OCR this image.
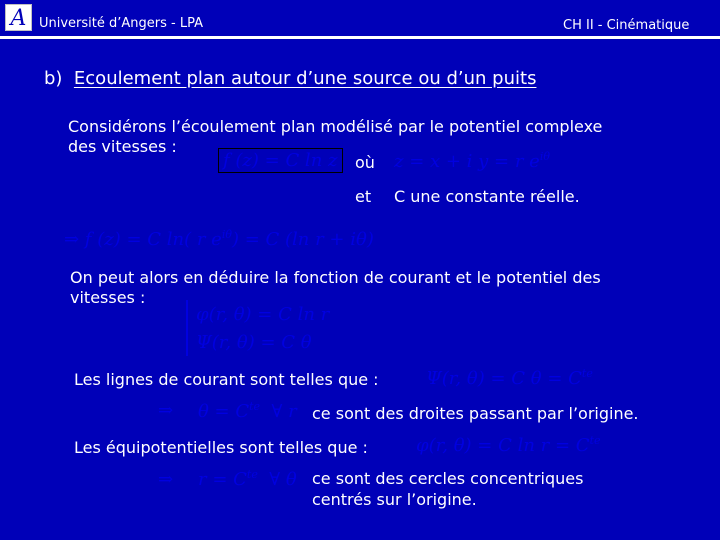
A Université d’Angers - LPA	CH II - Cinématique
b) Ecoulement plan autour d’une source ou d’un puits
Considérons l’écoulement plan modélisé par le potentiel complexe
des vitesses :
f (z) = C ln z	où z = x + i y = r $e^{i\theta}$
et C une constante réelle.
⇒ f (z) = C ln( r $e^{i\theta}) = C$ (ln r + iθ)
On peut alors en déduire la fonction de courant et le potentiel des
vitesses :
φ(r, θ) = C ln r
Ψ(r, θ) = C θ
Les lignes de courant sont telles que :	Ψ(r, θ) = C $\theta = C^{te}$
⇒ $\theta = C^{te}$ ∀ r ce sont des droites passant par l’origine.
Les équipotentielles sont telles que :	φ(r, θ) = C $\ln r = C^{te}$
⇒ $r = C^{te}$ ∀ θ ce sont des cercles concentriques
centrés sur l’origine.
